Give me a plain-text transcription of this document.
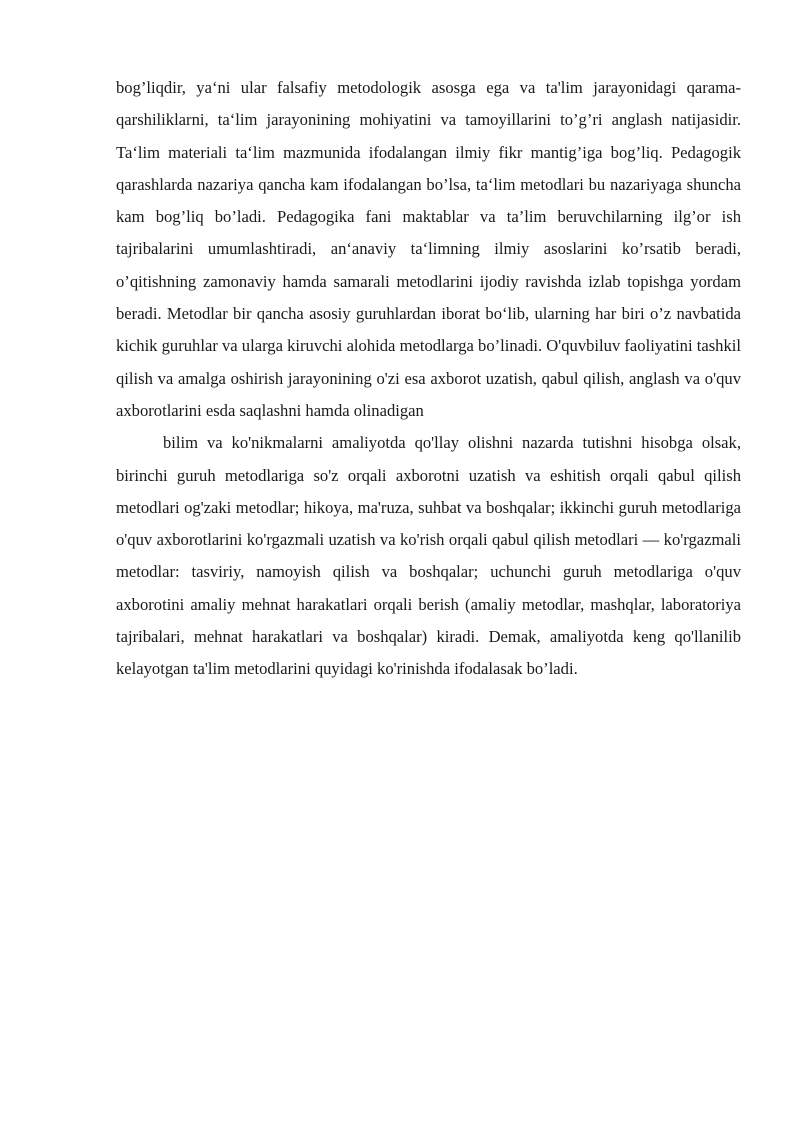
bog’liqdir, ya‘ni ular falsafiy metodologik asosga ega va ta'lim jarayonidagi qarama-qarshiliklarni, ta‘lim jarayonining mohiyatini va tamoyillarini to’g’ri anglash natijasidir. Ta‘lim materiali ta‘lim mazmunida ifodalangan ilmiy fikr mantig’iga bog’liq. Pedagogik qarashlarda nazariya qancha kam ifodalangan bo’lsa, ta‘lim metodlari bu nazariyaga shuncha kam bog’liq bo’ladi. Pedagogika fani maktablar va ta’lim beruvchilarning ilg’or ish tajribalarini umumlashtiradi, an‘anaviy ta‘limning ilmiy asoslarini ko’rsatib beradi, o’qitishning zamonaviy hamda samarali metodlarini ijodiy ravishda izlab topishga yordam beradi. Metodlar bir qancha asosiy guruhlardan iborat bo‘lib, ularning har biri o’z navbatida kichik guruhlar va ularga kiruvchi alohida metodlarga bo’linadi. O'quvbiluv faoliyatini tashkil qilish va amalga oshirish jarayonining o'zi esa axborot uzatish, qabul qilish, anglash va o'quv axborotlarini esda saqlashni hamda olinadigan

bilim va ko'nikmalarni amaliyotda qo'llay olishni nazarda tutishni hisobga olsak, birinchi guruh metodlariga so'z orqali axborotni uzatish va eshitish orqali qabul qilish metodlari og'zaki metodlar; hikoya, ma'ruza, suhbat va boshqalar; ikkinchi guruh metodlariga o'quv axborotlarini ko'rgazmali uzatish va ko'rish orqali qabul qilish metodlari — ko'rgazmali metodlar: tasviriy, namoyish qilish va boshqalar; uchunchi guruh metodlariga o'quv axborotini amaliy mehnat harakatlari orqali berish (amaliy metodlar, mashqlar, laboratoriya tajribalari, mehnat harakatlari va boshqalar) kiradi. Demak, amaliyotda keng qo'llanilib kelayotgan ta'lim metodlarini quyidagi ko'rinishda ifodalasak bo’ladi.
